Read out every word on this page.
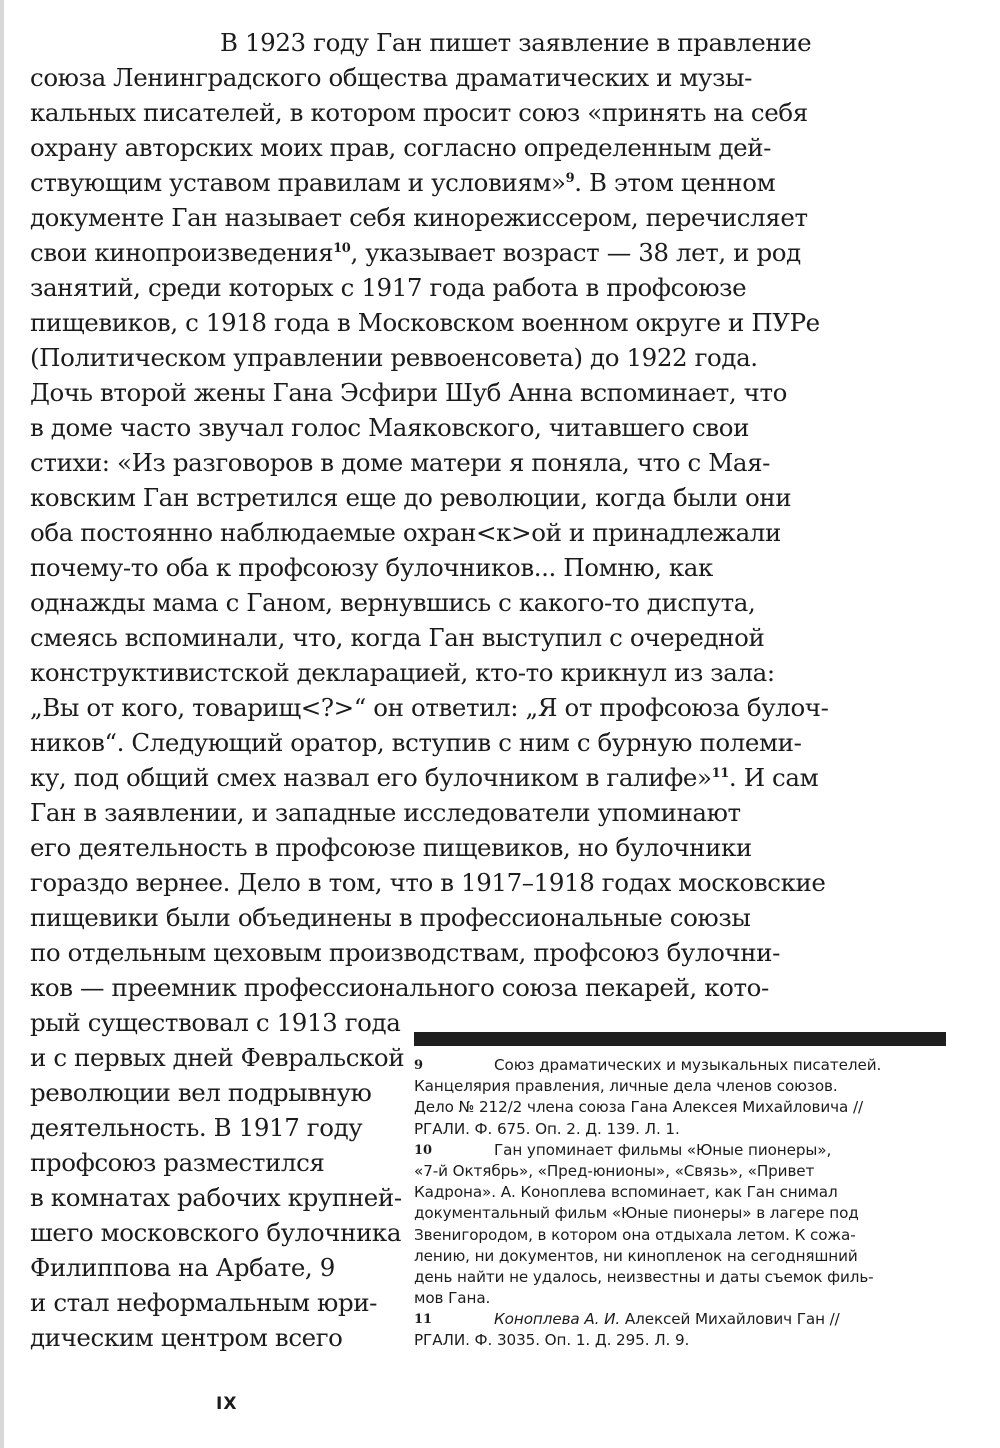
В 1923 году Ган пишет заявление в правление
союза Ленинградского общества драматических и музы-
кальных писателей, в котором просит союз «принять на себя
охрану авторских моих прав, согласно определенным дей-
ствующим уставом правилам и условиям»$^9$. В этом ценном
документе Ган называет себя кинорежиссером, перечисляет
свои кинопроизведения$^{10}$, указывает возраст — 38 лет, и род
занятий, среди которых с 1917 года работа в профсоюзе
пищевиков, с 1918 года в Московском военном округе и ПУРе
(Политическом управлении реввоенсовета) до 1922 года.
Дочь второй жены Гана Эсфири Шуб Анна вспоминает, что
в доме часто звучал голос Маяковского, читавшего свои
стихи: «Из разговоров в доме матери я поняла, что с Мая-
ковским Ган встретился еще до революции, когда были они
оба постоянно наблюдаемые охран<к>ой и принадлежали
почему-то оба к профсоюзу булочников... Помню, как
однажды мама с Ганом, вернувшись с какого-то диспута,
смеясь вспоминали, что, когда Ган выступил с очередной
конструктивистской декларацией, кто-то крикнул из зала:
„Вы от кого, товарищ<?>“ он ответил: „Я от профсоюза булоч-
ников“. Следующий оратор, вступив с ним с бурную полеми-
ку, под общий смех назвал его булочником в галифе»$^{11}$. И сам
Ган в заявлении, и западные исследователи упоминают
его деятельность в профсоюзе пищевиков, но булочники
гораздо вернее. Дело в том, что в 1917–1918 годах московские
пищевики были объединены в профессиональные союзы
по отдельным цеховым производствам, профсоюз булочни-
ков — преемник профессионального союза пекарей, кото-
рый существовал с 1913 года
и с первых дней Февральской
революции вел подрывную
деятельность. В 1917 году
профсоюз разместился
в комнатах рабочих крупней-
шего московского булочника
Филиппова на Арбате, 9
и стал неформальным юри-
дическим центром всего
9	Союз драматических и музыкальных писателей.
Канцелярия правления, личные дела членов союзов.
Дело № 212/2 члена союза Гана Алексея Михайловича //
РГАЛИ. Ф. 675. Оп. 2. Д. 139. Л. 1.
10	Ган упоминает фильмы «Юные пионеры»,
«7-й Октябрь», «Пред-юнионы», «Связь», «Привет
Кадрона». А. Коноплева вспоминает, как Ган снимал
документальный фильм «Юные пионеры» в лагере под
Звенигородом, в котором она отдыхала летом. К сожа-
лению, ни документов, ни кинопленок на сегодняшний
день найти не удалось, неизвестны и даты съемок филь-
мов Гана.
11	Коноплева А. И. Алексей Михайлович Ган //
РГАЛИ. Ф. 3035. Оп. 1. Д. 295. Л. 9.
IX
